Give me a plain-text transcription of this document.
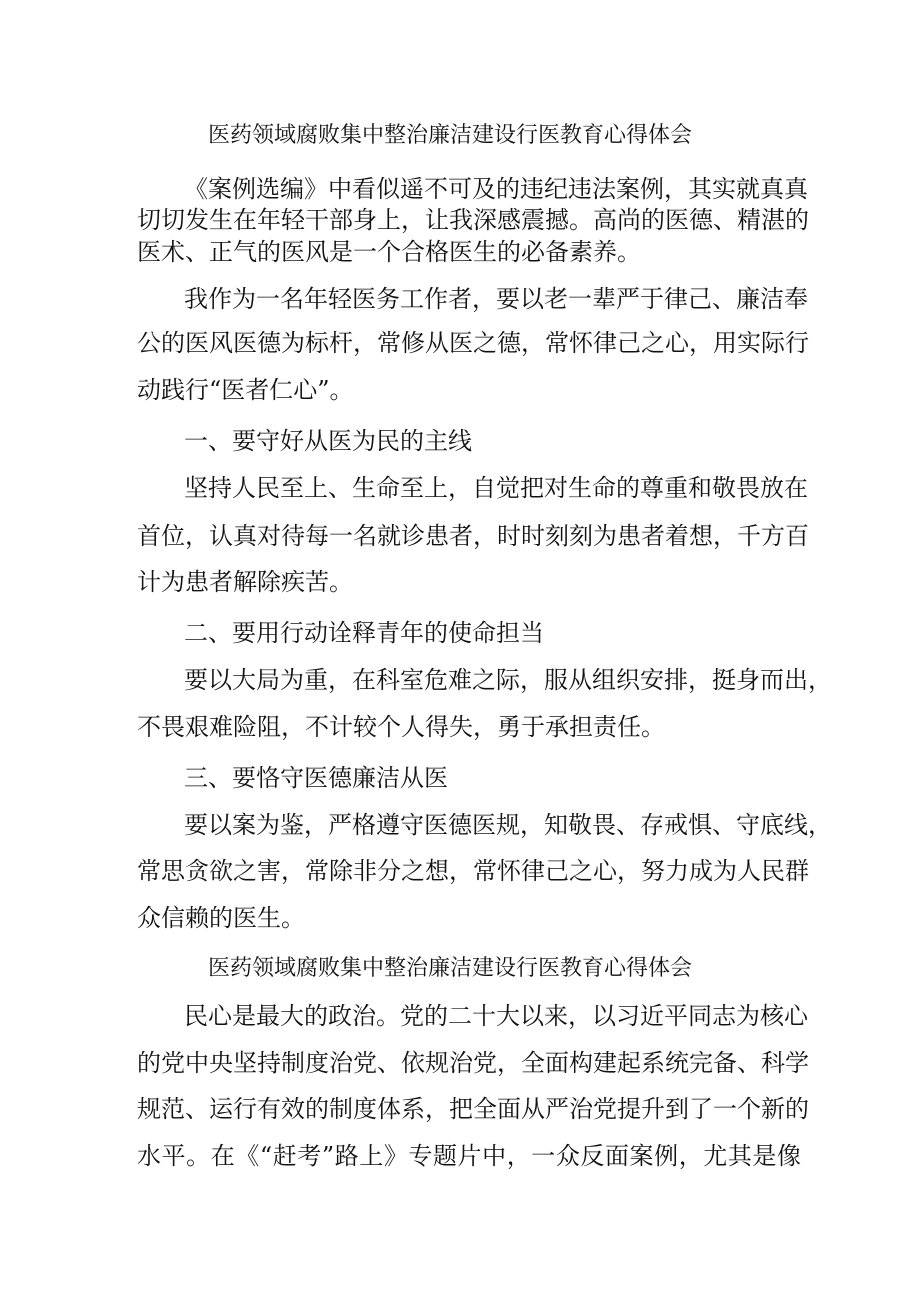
医药领域腐败集中整治廉洁建设行医教育心得体会
《案例选编》中看似遥不可及的违纪违法案例，其实就真真
切切发生在年轻干部身上，让我深感震撼。高尚的医德、精湛的
医术、正气的医风是一个合格医生的必备素养。
我作为一名年轻医务工作者，要以老一辈严于律己、廉洁奉
公的医风医德为标杆，常修从医之德，常怀律己之心，用实际行
动践行“医者仁心”。
一、要守好从医为民的主线
坚持人民至上、生命至上，自觉把对生命的尊重和敬畏放在
首位，认真对待每一名就诊患者，时时刻刻为患者着想，千方百
计为患者解除疾苦。
二、要用行动诠释青年的使命担当
要以大局为重，在科室危难之际，服从组织安排，挺身而出，
不畏艰难险阻，不计较个人得失，勇于承担责任。
三、要恪守医德廉洁从医
要以案为鉴，严格遵守医德医规，知敬畏、存戒惧、守底线，
常思贪欲之害，常除非分之想，常怀律己之心，努力成为人民群
众信赖的医生。
医药领域腐败集中整治廉洁建设行医教育心得体会
民心是最大的政治。党的二十大以来，以习近平同志为核心
的党中央坚持制度治党、依规治党，全面构建起系统完备、科学
规范、运行有效的制度体系，把全面从严治党提升到了一个新的
水平。在《“赶考”路上》专题片中，一众反面案例，尤其是像
